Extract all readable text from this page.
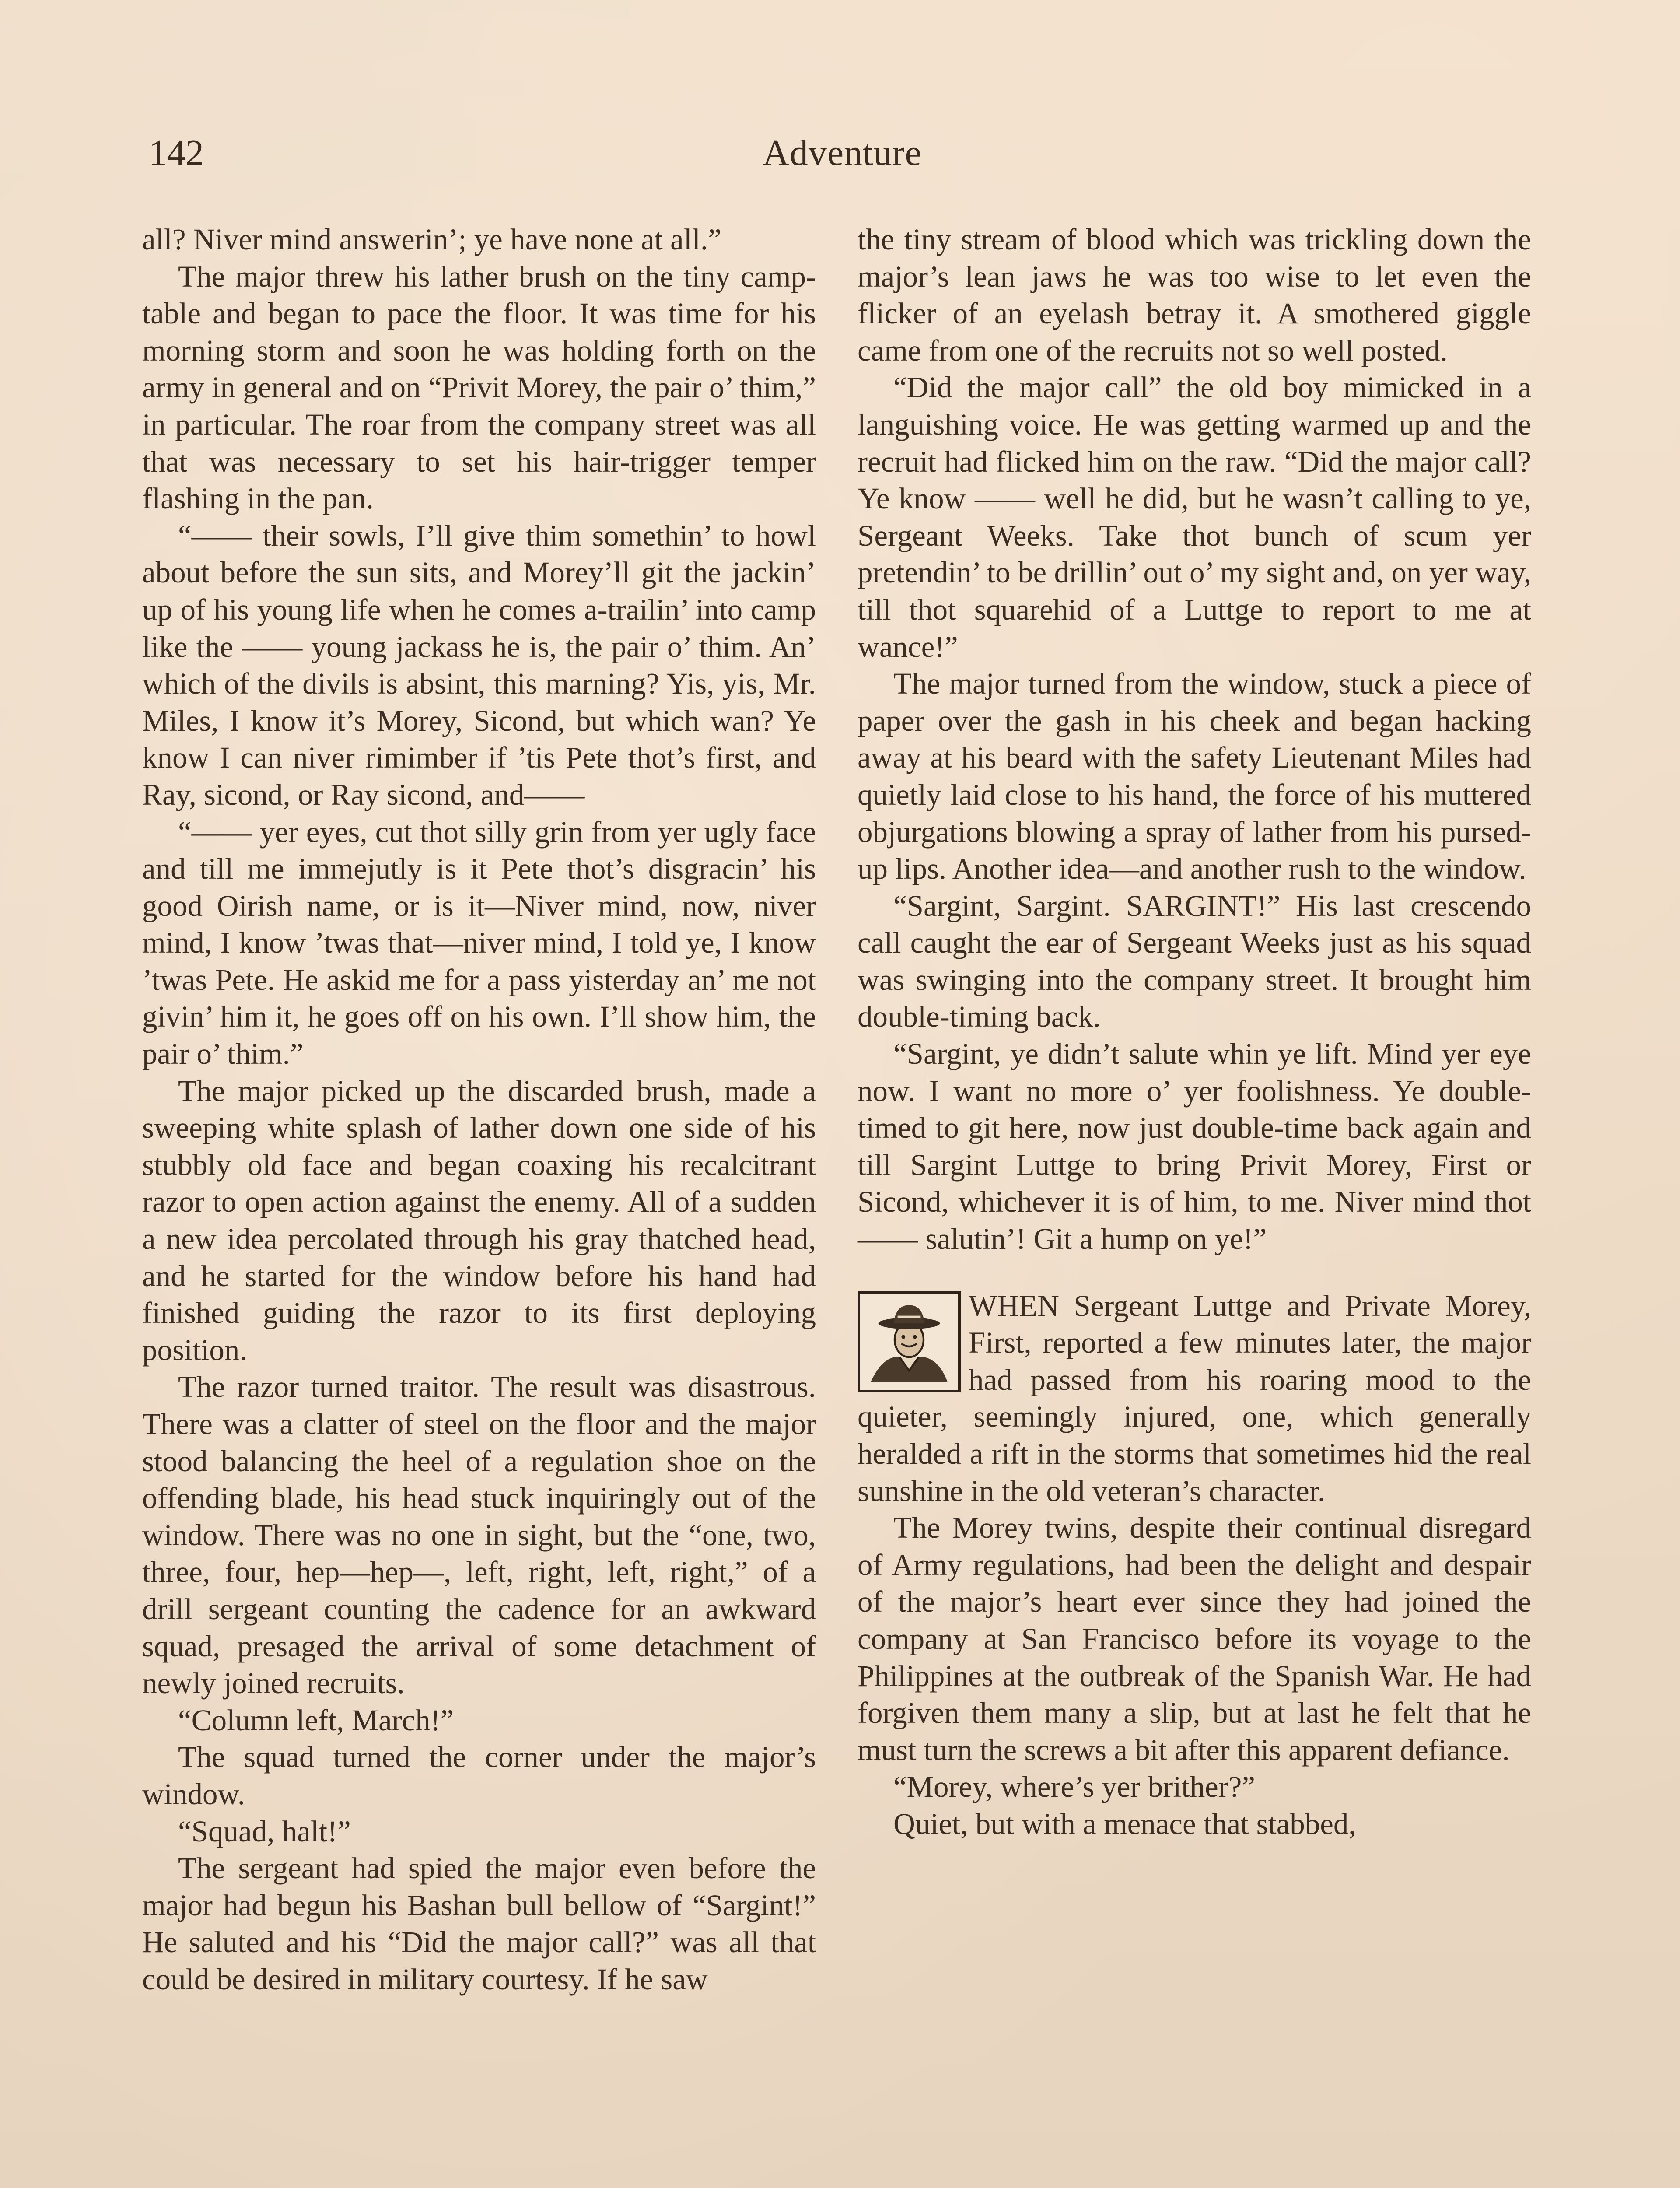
142	Adventure

all? Niver mind answerin’; ye have none at all.”

The major threw his lather brush on the tiny camp-table and began to pace the floor. It was time for his morning storm and soon he was holding forth on the army in general and on “Privit Morey, the pair o’ thim,” in particular. The roar from the company street was all that was necessary to set his hair-trigger temper flashing in the pan.

“—— their sowls, I’ll give thim somethin’ to howl about before the sun sits, and Morey’ll git the jackin’ up of his young life when he comes a-trailin’ into camp like the —— young jackass he is, the pair o’ thim. An’ which of the divils is absint, this marning? Yis, yis, Mr. Miles, I know it’s Morey, Sicond, but which wan? Ye know I can niver rimimber if ’tis Pete thot’s first, and Ray, sicond, or Ray sicond, and——

“—— yer eyes, cut thot silly grin from yer ugly face and till me immejutly is it Pete thot’s disgracin’ his good Oirish name, or is it—Niver mind, now, niver mind, I know ’twas that—niver mind, I told ye, I know ’twas Pete. He askid me for a pass yisterday an’ me not givin’ him it, he goes off on his own. I’ll show him, the pair o’ thim.”

The major picked up the discarded brush, made a sweeping white splash of lather down one side of his stubbly old face and began coaxing his recalcitrant razor to open action against the enemy. All of a sudden a new idea percolated through his gray thatched head, and he started for the window before his hand had finished guiding the razor to its first deploying position.

The razor turned traitor. The result was disastrous. There was a clatter of steel on the floor and the major stood balancing the heel of a regulation shoe on the offending blade, his head stuck inquiringly out of the window. There was no one in sight, but the “one, two, three, four, hep—hep—, left, right, left, right,” of a drill sergeant counting the cadence for an awkward squad, presaged the arrival of some detachment of newly joined recruits.

“Column left, March!”

The squad turned the corner under the major’s window.

“Squad, halt!”

The sergeant had spied the major even before the major had begun his Bashan bull bellow of “Sargint!” He saluted and his “Did the major call?” was all that could be desired in military courtesy. If he saw

the tiny stream of blood which was trickling down the major’s lean jaws he was too wise to let even the flicker of an eyelash betray it. A smothered giggle came from one of the recruits not so well posted.

“Did the major call” the old boy mimicked in a languishing voice. He was getting warmed up and the recruit had flicked him on the raw. “Did the major call? Ye know —— well he did, but he wasn’t calling to ye, Sergeant Weeks. Take thot bunch of scum yer pretendin’ to be drillin’ out o’ my sight and, on yer way, till thot squarehid of a Luttge to report to me at wance!”

The major turned from the window, stuck a piece of paper over the gash in his cheek and began hacking away at his beard with the safety Lieutenant Miles had quietly laid close to his hand, the force of his muttered objurgations blowing a spray of lather from his pursed-up lips. Another idea—and another rush to the window.

“Sargint, Sargint. SARGINT!” His last crescendo call caught the ear of Sergeant Weeks just as his squad was swinging into the company street. It brought him double-timing back.

“Sargint, ye didn’t salute whin ye lift. Mind yer eye now. I want no more o’ yer foolishness. Ye double-timed to git here, now just double-time back again and till Sargint Luttge to bring Privit Morey, First or Sicond, whichever it is of him, to me. Niver mind thot —— salutin’! Git a hump on ye!”

WHEN Sergeant Luttge and Private Morey, First, reported a few minutes later, the major had passed from his roaring mood to the quieter, seemingly injured, one, which generally heralded a rift in the storms that sometimes hid the real sunshine in the old veteran’s character.

The Morey twins, despite their continual disregard of Army regulations, had been the delight and despair of the major’s heart ever since they had joined the company at San Francisco before its voyage to the Philippines at the outbreak of the Spanish War. He had forgiven them many a slip, but at last he felt that he must turn the screws a bit after this apparent defiance.

“Morey, where’s yer brither?”

Quiet, but with a menace that stabbed,
